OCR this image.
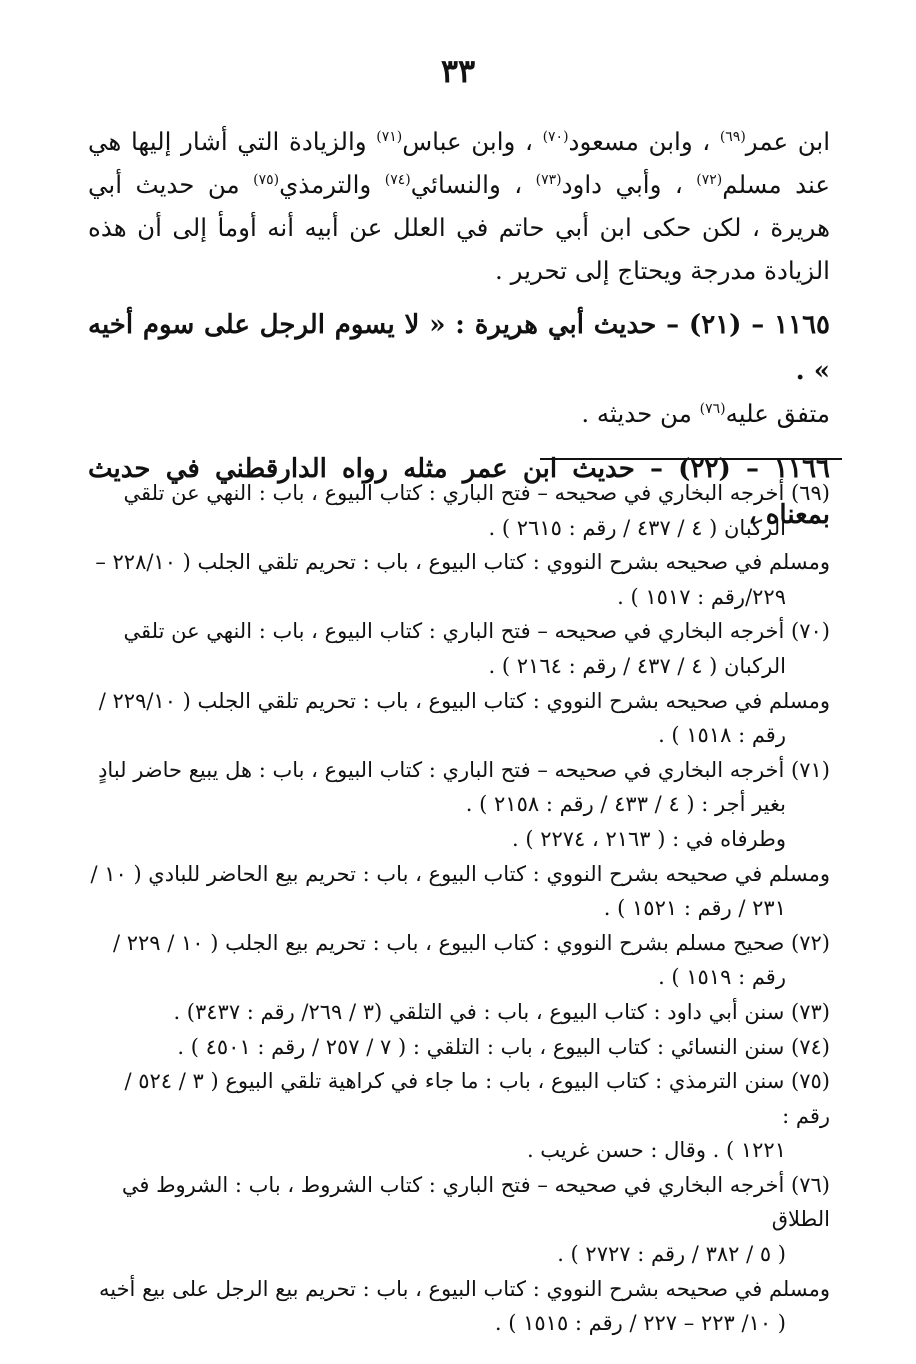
٣٣

ابن عمر$^{(٦٩)}$ ، وابن مسعود$^{(٧٠)}$ ، وابن عباس$^{(٧١)}$ والزيادة التي أشار إليها هي عند مسلم$^{(٧٢)}$ ، وأبي داود$^{(٧٣)}$ ، والنسائي$^{(٧٤)}$ والترمذي$^{(٧٥)}$ من حديث أبي هريرة ، لكن حكى ابن أبي حاتم في العلل عن أبيه أنه أومأ إلى أن هذه الزيادة مدرجة ويحتاج إلى تحرير .

١١٦٥ – (٢١) – حديث أبي هريرة : « لا يسوم الرجل على سوم أخيه » .

متفق عليه$^{(٧٦)}$ من حديثه .

١١٦٦ – (٢٢) – حديث ابن عمر مثله رواه الدارقطني في حديث بمعناه ،

(٦٩) أخرجه البخاري في صحيحه – فتح الباري : كتاب البيوع ، باب : النهي عن تلقي

الركبان ( ٤ / ٤٣٧ / رقم : ٢٦١٥ ) .

ومسلم في صحيحه بشرح النووي : كتاب البيوع ، باب : تحريم تلقي الجلب ( ٢٢٨/١٠ –

٢٢٩/رقم : ١٥١٧ ) .

(٧٠) أخرجه البخاري في صحيحه – فتح الباري : كتاب البيوع ، باب : النهي عن تلقي

الركبان ( ٤ / ٤٣٧ / رقم : ٢١٦٤ ) .

ومسلم في صحيحه بشرح النووي : كتاب البيوع ، باب : تحريم تلقي الجلب ( ٢٢٩/١٠ /

رقم : ١٥١٨ ) .

(٧١) أخرجه البخاري في صحيحه – فتح الباري : كتاب البيوع ، باب : هل يبيع حاضر لبادٍ

بغير أجر : ( ٤ / ٤٣٣ / رقم : ٢١٥٨ ) .

وطرفاه في : ( ٢١٦٣ ، ٢٢٧٤ ) .

ومسلم في صحيحه بشرح النووي : كتاب البيوع ، باب : تحريم بيع الحاضر للبادي ( ١٠ /

٢٣١ / رقم : ١٥٢١ ) .

(٧٢) صحيح مسلم بشرح النووي : كتاب البيوع ، باب : تحريم بيع الجلب ( ١٠ / ٢٢٩ /

رقم : ١٥١٩ ) .

(٧٣) سنن أبي داود : كتاب البيوع ، باب : في التلقي (٣ / ٢٦٩/ رقم : ٣٤٣٧) .

(٧٤) سنن النسائي : كتاب البيوع ، باب : التلقي : ( ٧ / ٢٥٧ / رقم : ٤٥٠١ ) .

(٧٥) سنن الترمذي : كتاب البيوع ، باب : ما جاء في كراهية تلقي البيوع ( ٣ / ٥٢٤ / رقم :

١٢٢١ ) . وقال : حسن غريب .

(٧٦) أخرجه البخاري في صحيحه – فتح الباري : كتاب الشروط ، باب : الشروط في الطلاق

( ٥ / ٣٨٢ / رقم : ٢٧٢٧ ) .

ومسلم في صحيحه بشرح النووي : كتاب البيوع ، باب : تحريم بيع الرجل على بيع أخيه

( ١٠/ ٢٢٣ – ٢٢٧ / رقم : ١٥١٥ ) .
